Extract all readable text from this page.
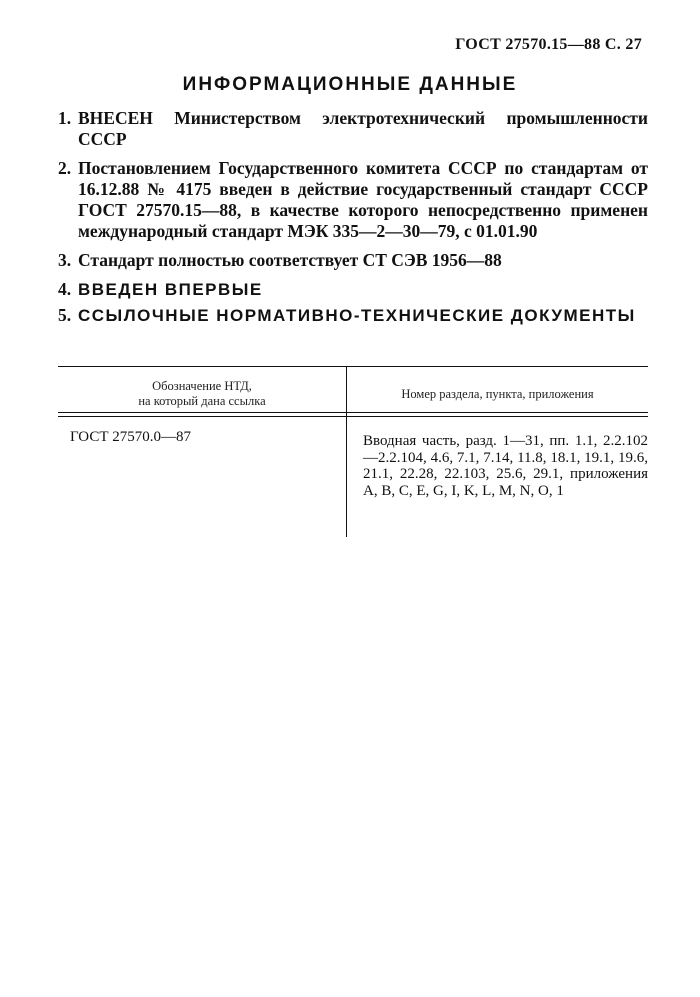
ГОСТ 27570.15—88 С. 27
ИНФОРМАЦИОННЫЕ ДАННЫЕ
1. ВНЕСЕН Министерством электротехнический промышленности СССР
2. Постановлением Государственного комитета СССР по стандартам от 16.12.88 № 4175 введен в действие государственный стандарт СССР ГОСТ 27570.15—88, в качестве которого непосредственно применен международный стандарт МЭК 335—2—30—79, с 01.01.90
3. Стандарт полностью соответствует СТ СЭВ 1956—88
4. ВВЕДЕН ВПЕРВЫЕ
5. ССЫЛОЧНЫЕ НОРМАТИВНО-ТЕХНИЧЕСКИЕ ДОКУМЕНТЫ
Обозначение НТД,
на который дана ссылка	Номер раздела, пункта, приложения
ГОСТ 27570.0—87	Вводная часть, разд. 1—31, пп. 1.1, 2.2.102—2.2.104, 4.6, 7.1, 7.14, 11.8, 18.1, 19.1, 19.6, 21.1, 22.28, 22.103, 25.6, 29.1, приложения A, B, C, E, G, I, K, L, M, N, O, 1
